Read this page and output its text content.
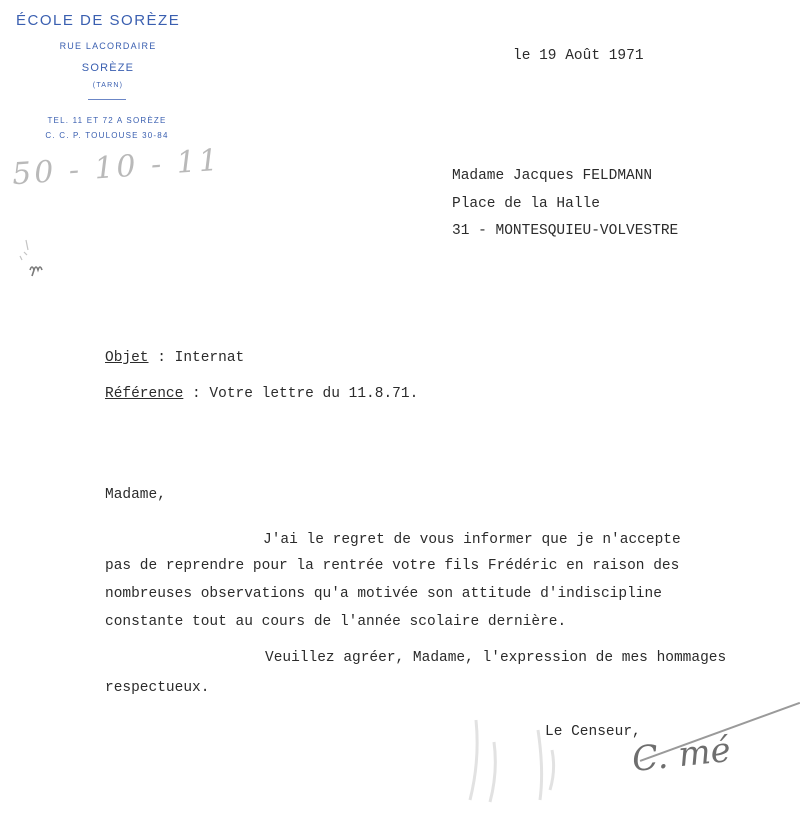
ÉCOLE DE SORÈZE
RUE LACORDAIRE
SORÈZE
(TARN)
TEL. 11 ET 72 A SORÈZE
C. C. P. TOULOUSE 30-84
50 - 10 - 11
le 19 Août 1971
Madame Jacques FELDMANN
Place de la Halle
31 - MONTESQUIEU-VOLVESTRE
Objet : Internat
Référence : Votre lettre du 11.8.71.
Madame,
J'ai le regret de vous informer que je n'accepte
pas de reprendre pour la rentrée votre fils Frédéric en raison des
nombreuses observations qu'a motivée son attitude d'indiscipline
constante tout au cours de l'année scolaire dernière.
Veuillez agréer, Madame, l'expression de mes hommages
respectueux.
Le Censeur,
C. mé
